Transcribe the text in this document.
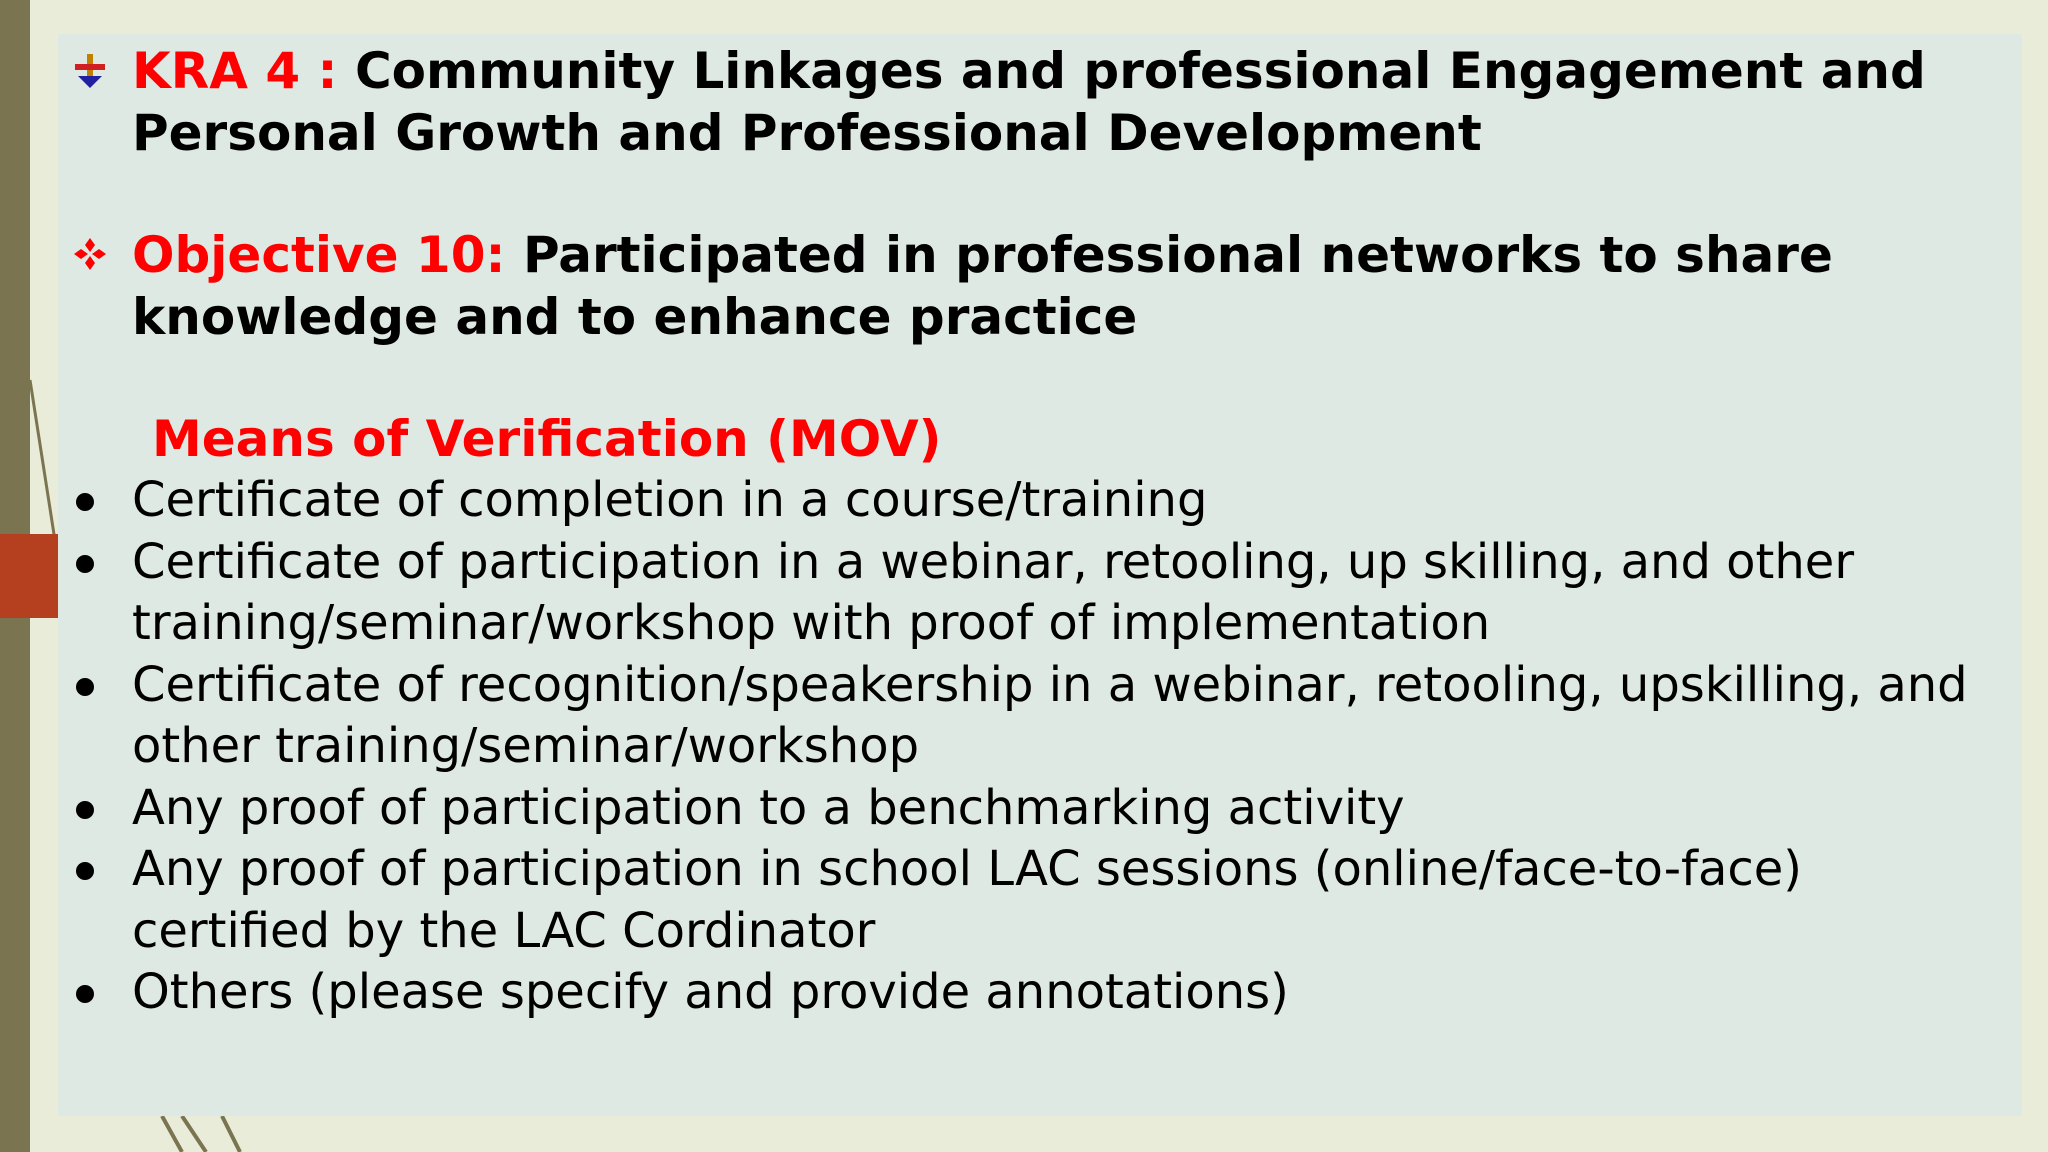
KRA 4 : Community Linkages and professional Engagement and Personal Growth and Professional Development
Objective 10: Participated in professional networks to share knowledge and to enhance practice
Means of Verification (MOV)
Certificate of completion in a course/training
Certificate of participation in a webinar, retooling, up skilling, and other training/seminar/workshop with proof of implementation
Certificate of recognition/speakership in a webinar, retooling, upskilling, and other training/seminar/workshop
Any proof of participation to a benchmarking activity
Any proof of participation in school LAC sessions (online/face-to-face) certified by the LAC Cordinator
Others (please specify and provide annotations)
